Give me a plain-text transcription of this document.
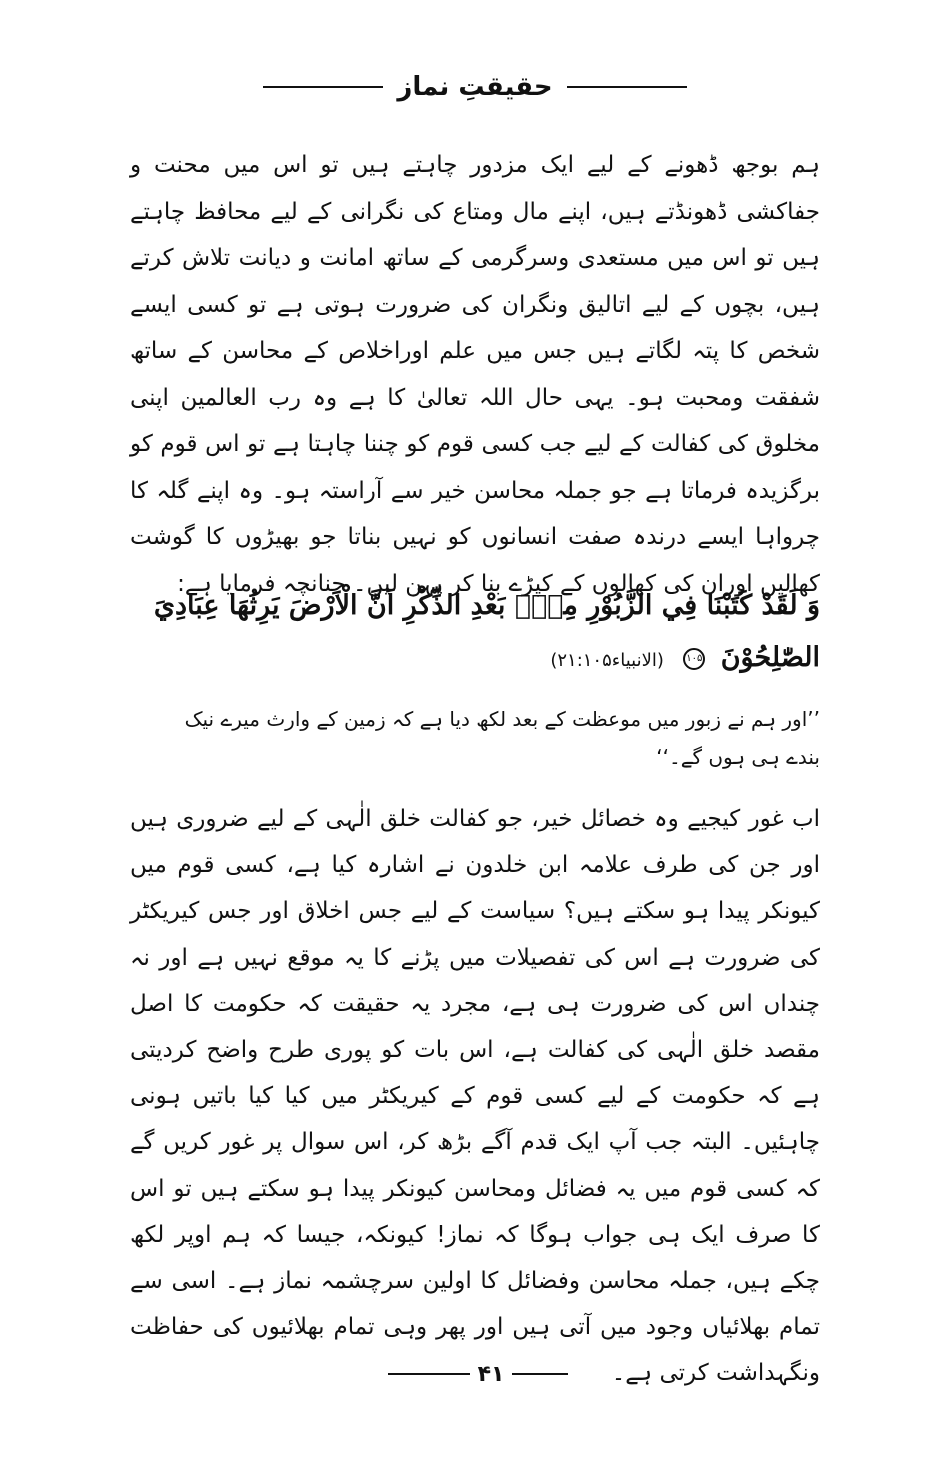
حقیقتِ نماز

ہم بوجھ ڈھونے کے لیے ایک مزدور چاہتے ہیں تو اس میں محنت و جفاکشی ڈھونڈتے ہیں، اپنے مال ومتاع کی نگرانی کے لیے محافظ چاہتے ہیں تو اس میں مستعدی وسرگرمی کے ساتھ امانت و دیانت تلاش کرتے ہیں، بچوں کے لیے اتالیق ونگران کی ضرورت ہوتی ہے تو کسی ایسے شخص کا پتہ لگاتے ہیں جس میں علم اوراخلاص کے محاسن کے ساتھ شفقت ومحبت ہو۔ یہی حال اللہ تعالیٰ کا ہے وہ رب العالمین اپنی مخلوق کی کفالت کے لیے جب کسی قوم کو چننا چاہتا ہے تو اس قوم کو برگزیدہ فرماتا ہے جو جملہ محاسن خیر سے آراستہ ہو۔ وہ اپنے گلہ کا چرواہا ایسے درندہ صفت انسانوں کو نہیں بناتا جو بھیڑوں کا گوشت کھالیں اوران کی کھالوں کے کپڑے بنا کر پہن لیں۔ چنانچہ فرمایا ہے:

وَ لَقَدْ كَتَبْنَا فِي الزَّبُوْرِ مِنْۢ بَعْدِ الذِّكْرِ اَنَّ الْاَرْضَ يَرِثُهَا عِبَادِيَ
الصّٰلِحُوْنَ ۱۰۵ (الانبیاء۲۱:۱۰۵)
’’اور ہم نے زبور میں موعظت کے بعد لکھ دیا ہے کہ زمین کے وارث میرے نیک بندے ہی ہوں گے۔‘‘

اب غور کیجیے وہ خصائل خیر، جو کفالت خلق الٰہی کے لیے ضروری ہیں اور جن کی طرف علامہ ابن خلدون نے اشارہ کیا ہے، کسی قوم میں کیونکر پیدا ہو سکتے ہیں؟ سیاست کے لیے جس اخلاق اور جس کیریکٹر کی ضرورت ہے اس کی تفصیلات میں پڑنے کا یہ موقع نہیں ہے اور نہ چنداں اس کی ضرورت ہی ہے، مجرد یہ حقیقت کہ حکومت کا اصل مقصد خلق الٰہی کی کفالت ہے، اس بات کو پوری طرح واضح کردیتی ہے کہ حکومت کے لیے کسی قوم کے کیریکٹر میں کیا کیا باتیں ہونی چاہئیں۔ البتہ جب آپ ایک قدم آگے بڑھ کر، اس سوال پر غور کریں گے کہ کسی قوم میں یہ فضائل ومحاسن کیونکر پیدا ہو سکتے ہیں تو اس کا صرف ایک ہی جواب ہوگا کہ نماز! کیونکہ، جیسا کہ ہم اوپر لکھ چکے ہیں، جملہ محاسن وفضائل کا اولین سرچشمہ نماز ہے۔ اسی سے تمام بھلائیاں وجود میں آتی ہیں اور پھر وہی تمام بھلائیوں کی حفاظت ونگہداشت کرتی ہے۔

۴۱
